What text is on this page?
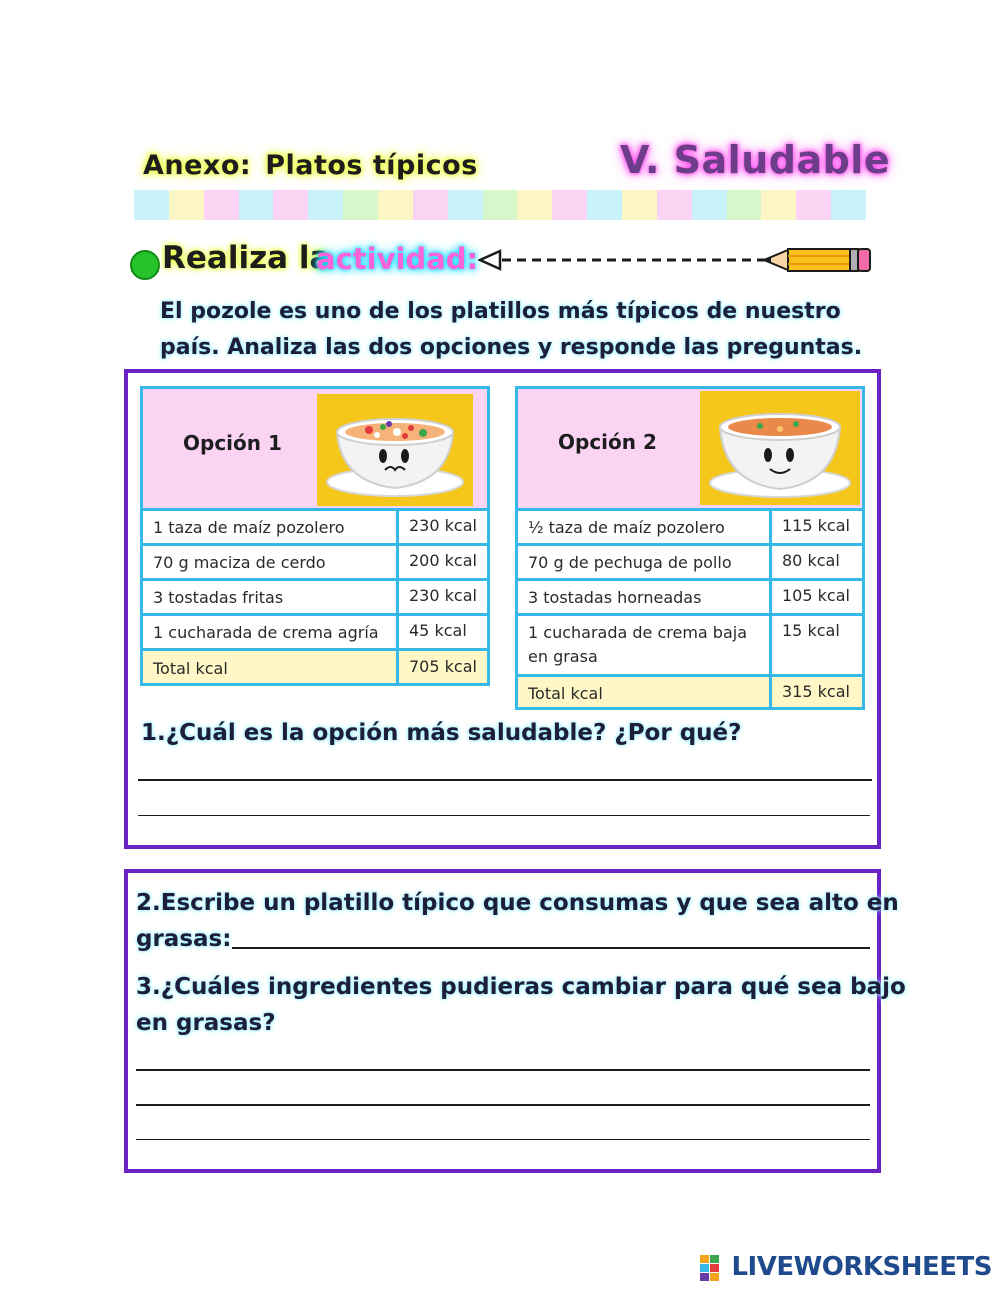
Anexo: Platos típicos	V. Saludable
Realiza la
actividad:
El pozole es uno de los platillos más típicos de nuestro
país. Analiza las dos opciones y responde las preguntas.
Opción 1
1 taza de maíz pozolero	230 kcal
70 g maciza de cerdo	200 kcal
3 tostadas fritas	230 kcal
1 cucharada de crema agría 45 kcal
Total kcal	705 kcal
Opción 2
½ taza de maíz pozolero	115 kcal
70 g de pechuga de pollo	80 kcal
3 tostadas horneadas	105 kcal
1 cucharada de crema baja
en grasa
15 kcal
Total kcal	315 kcal
1.¿Cuál es la opción más saludable? ¿Por qué?
2.Escribe un platillo típico que consumas y que sea alto en
grasas:
3.¿Cuáles ingredientes pudieras cambiar para qué sea bajo
en grasas?
LIVEWORKSHEETS
